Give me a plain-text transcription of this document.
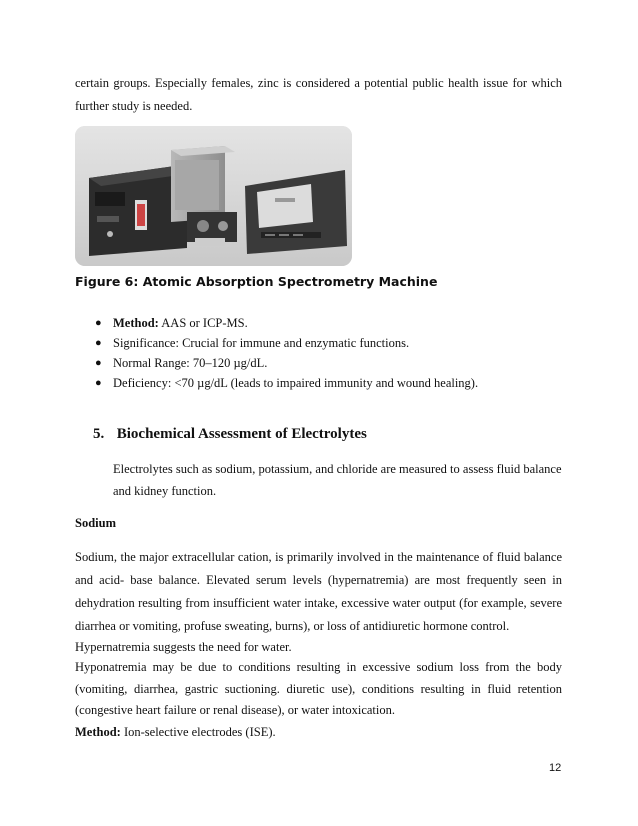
certain groups. Especially females, zinc is considered a potential public health issue for which further study is needed.

Figure 6: Atomic Absorption Spectrometry Machine
● Method: AAS or ICP-MS.
● Significance: Crucial for immune and enzymatic functions.
● Normal Range: 70–120 µg/dL.
● Deficiency: <70 µg/dL (leads to impaired immunity and wound healing).
5. Biochemical Assessment of Electrolytes

Electrolytes such as sodium, potassium, and chloride are measured to assess fluid balance and kidney function.

Sodium

Sodium, the major extracellular cation, is primarily involved in the maintenance of fluid balance and acid- base balance. Elevated serum levels (hypernatremia) are most frequently seen in dehydration resulting from insufficient water intake, excessive water output (for example, severe diarrhea or vomiting, profuse sweating, burns), or loss of antidiuretic hormone control.

Hypernatremia suggests the need for water.

Hyponatremia may be due to conditions resulting in excessive sodium loss from the body (vomiting, diarrhea, gastric suctioning. diuretic use), conditions resulting in fluid retention (congestive heart failure or renal disease), or water intoxication.

Method: Ion-selective electrodes (ISE).
12
